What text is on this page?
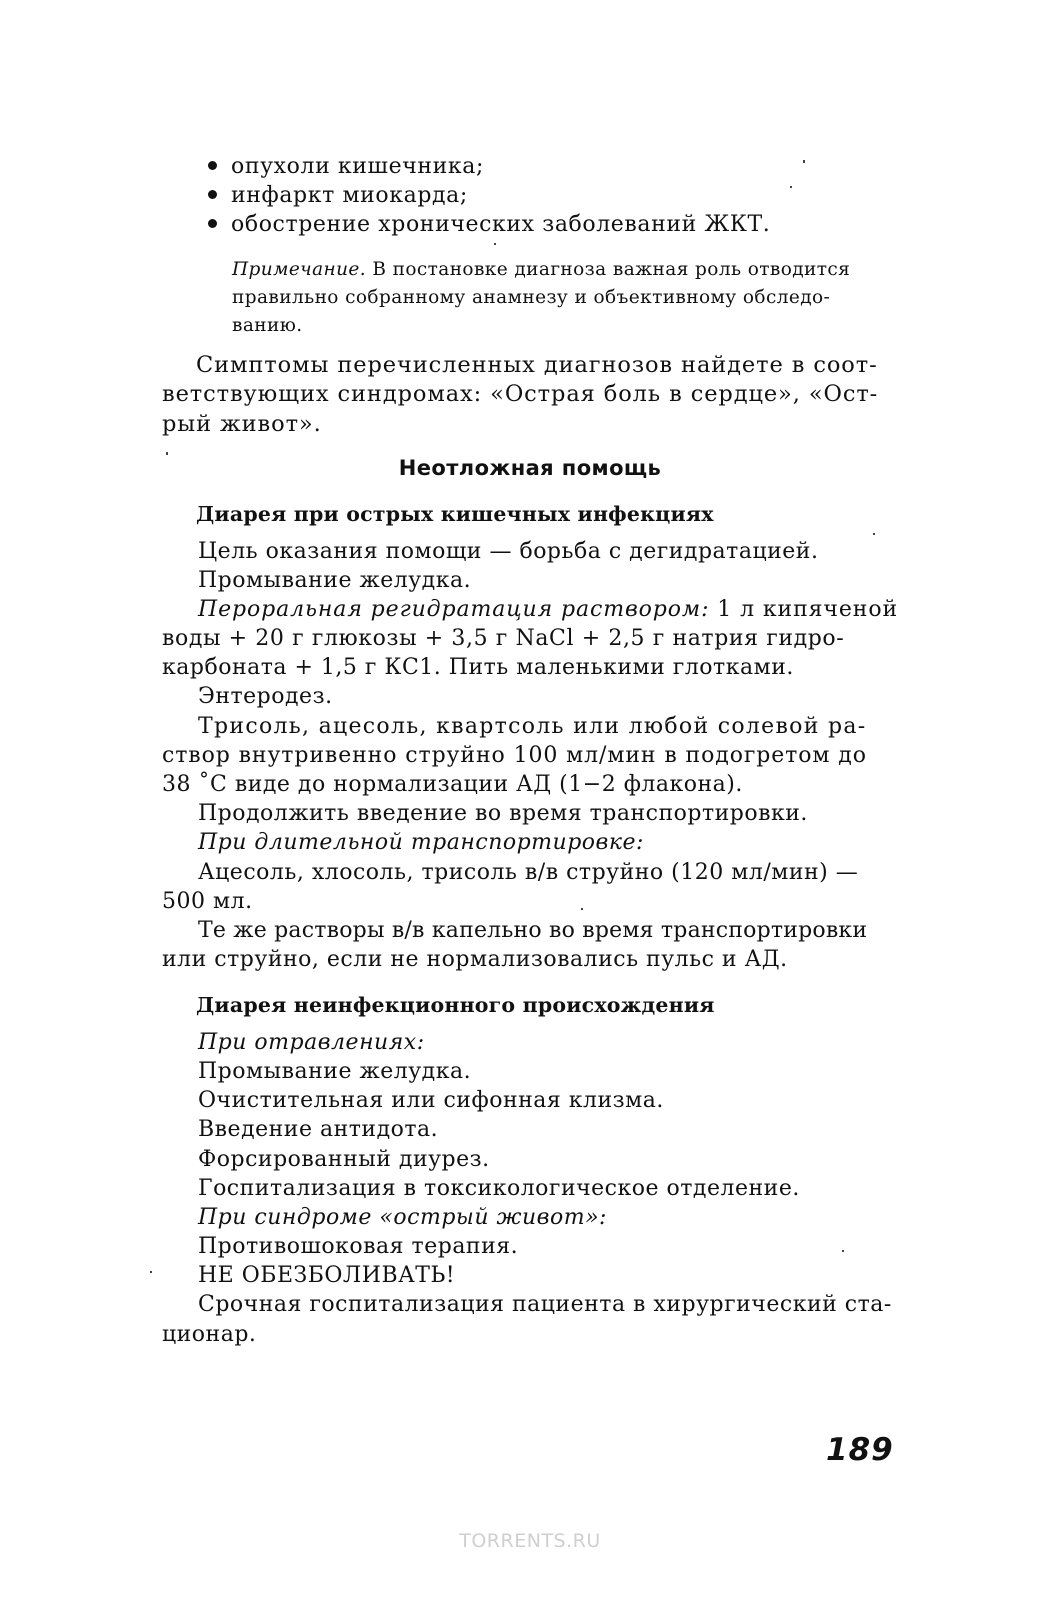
опухоли кишечника;
инфаркт миокарда;
обострение хронических заболеваний ЖКТ.
Примечание. В постановке диагноза важная роль отводится
правильно собранному анамнезу и объективному обследо-
ванию.
Симптомы перечисленных диагнозов найдете в соот-
ветствующих синдромах: «Острая боль в сердце», «Ост-
рый живот».
Неотложная помощь
Диарея при острых кишечных инфекциях
Цель оказания помощи — борьба с дегидратацией.
Промывание желудка.
Пероральная регидратация раствором: 1 л кипяченой
воды + 20 г глюкозы + 3,5 г NaCl + 2,5 г натрия гидро-
карбоната + 1,5 г КС1. Пить маленькими глотками.
Энтеродез.
Трисоль, ацесоль, квартсоль или любой солевой ра-
створ внутривенно струйно 100 мл/мин в подогретом до
38 ˚С виде до нормализации АД (1−2 флакона).
Продолжить введение во время транспортировки.
При длительной транспортировке:
Ацесоль, хлосоль, трисоль в/в струйно (120 мл/мин) —
500 мл.
Те же растворы в/в капельно во время транспортировки
или струйно, если не нормализовались пульс и АД.
Диарея неинфекционного происхождения
При отравлениях:
Промывание желудка.
Очистительная или сифонная клизма.
Введение антидота.
Форсированный диурез.
Госпитализация в токсикологическое отделение.
При синдроме «острый живот»:
Противошоковая терапия.
НЕ ОБЕЗБОЛИВАТЬ!
Срочная госпитализация пациента в хирургический ста-
ционар.
189
TORRENTS.RU
